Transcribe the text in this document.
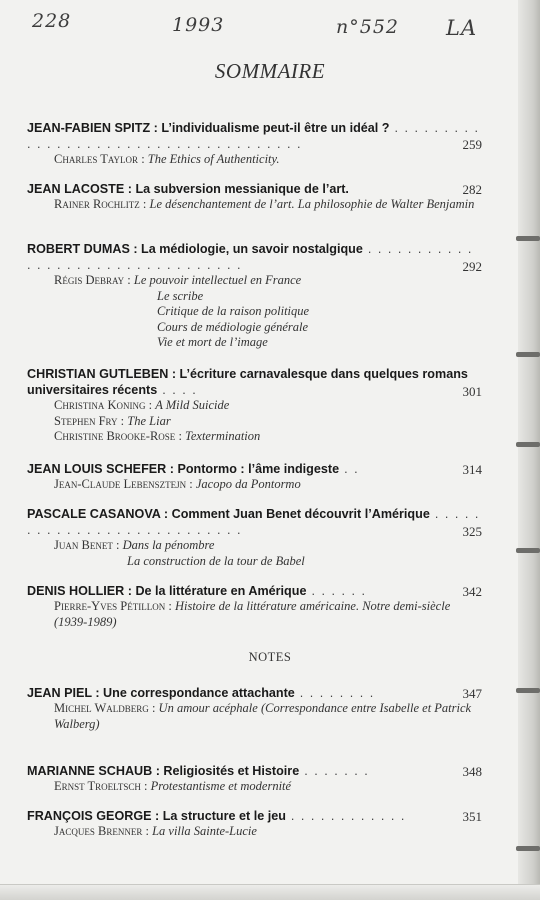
228	1993	n°552 LA
SOMMAIRE
259
JEAN-FABIEN SPITZ : L’individualisme peut-il être un idéal ? . . . . . . . . . . . . . . . . . . . . . . . . . . . . . . . . . . . . .
Charles Taylor : The Ethics of Authenticity.
282
JEAN LACOSTE : La subversion messianique de l’art.
Rainer Rochlitz : Le désenchantement de l’art. La philosophie de Walter Benjamin
292
ROBERT DUMAS : La médiologie, un savoir nostalgique . . . . . . . . . . . . . . . . . . . . . . . . . . . . . . . . .
Régis Debray : Le pouvoir intellectuel en France
Le scribe
Critique de la raison politique
Cours de médiologie générale
Vie et mort de l’image
301
CHRISTIAN GUTLEBEN : L’écriture carnavalesque dans quelques romans universitaires récents . . . .
Christina Koning : A Mild Suicide
Stephen Fry : The Liar
Christine Brooke-Rose : Textermination
314
JEAN LOUIS SCHEFER : Pontormo : l’âme indigeste . .
Jean-Claude Lebensztejn : Jacopo da Pontormo
325
PASCALE CASANOVA : Comment Juan Benet découvrit l’Amérique . . . . . . . . . . . . . . . . . . . . . . . . . . .
Juan Benet : Dans la pénombre
La construction de la tour de Babel
342
DENIS HOLLIER : De la littérature en Amérique . . . . . .
Pierre-Yves Pétillon : Histoire de la littérature américaine. Notre demi-siècle (1939-1989)
NOTES
347
JEAN PIEL : Une correspondance attachante . . . . . . . .
Michel Waldberg : Un amour acéphale (Correspondance entre Isabelle et Patrick Walberg)
348
MARIANNE SCHAUB : Religiosités et Histoire . . . . . . .
Ernst Troeltsch : Protestantisme et modernité
351
FRANÇOIS GEORGE : La structure et le jeu . . . . . . . . . . . .
Jacques Brenner : La villa Sainte-Lucie
